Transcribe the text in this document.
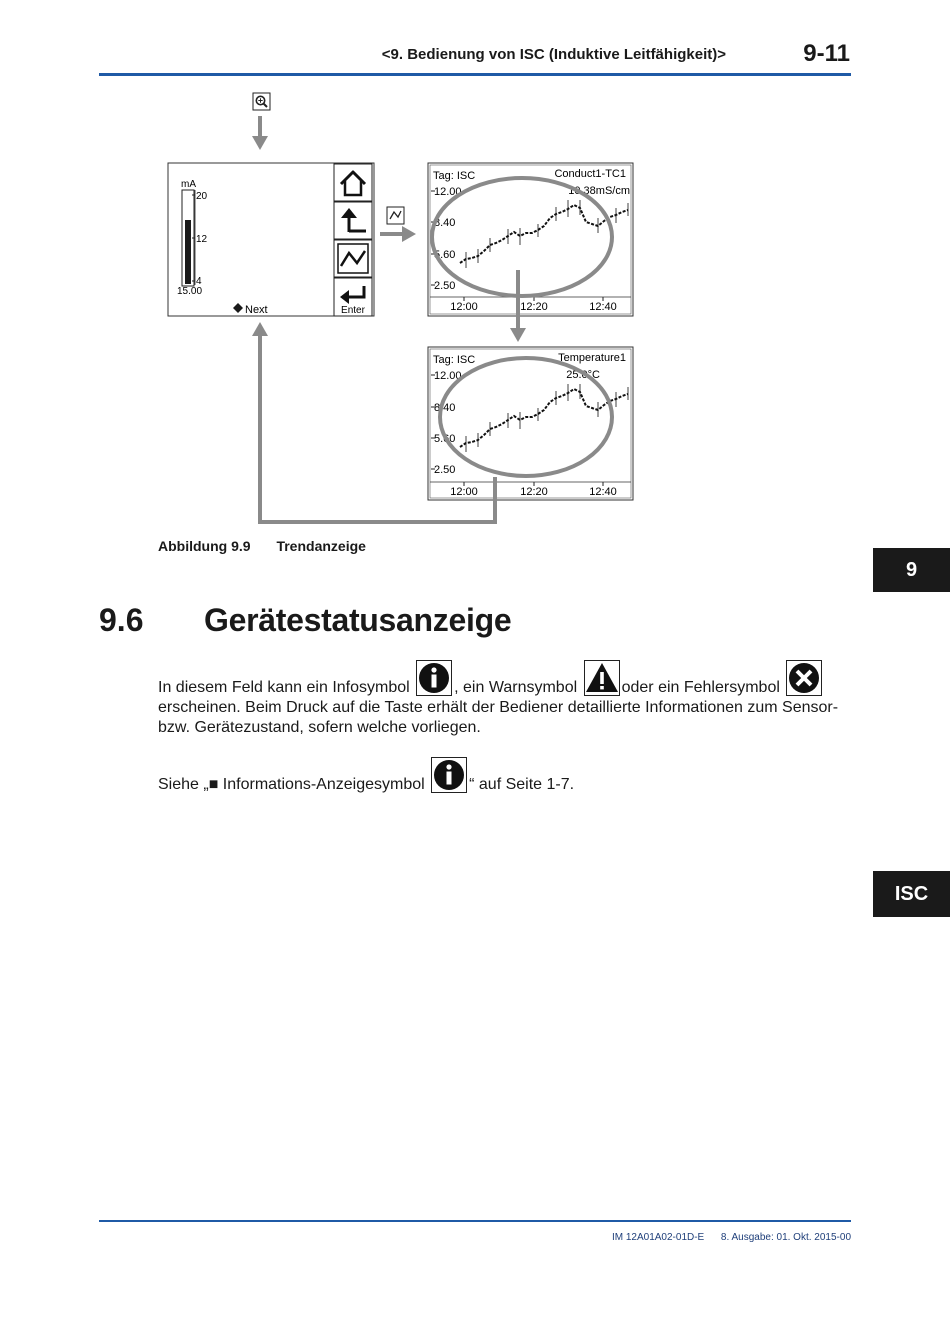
<9. Bedienung von ISC (Induktive Leitfähigkeit)>	9-11
9
ISC
mA
20
12
4
15.00
Next	Enter
Tag: ISC	Conduct1-TC1
10.38mS/cm
12.00
8.40
5.60
2.50
12:00	12:20	12:40
Tag: ISC	Temperature1
25.0°C
12.00
8.40
5.60
2.50
12:00	12:20	12:40
Abbildung 9.9 Trendanzeige
9.6 Gerätestatusanzeige
In diesem Feld kann ein Infosymbol	, ein Warnsymbol	oder ein Fehlersymbol  erscheinen. Beim Druck auf die Taste erhält der Bediener detaillierte Informationen zum Sensor- bzw. Gerätezustand, sofern welche vorliegen.
Siehe „■ Informations-Anzeigesymbol	“ auf Seite 1-7.
IM 12A01A02-01D-E 8. Ausgabe: 01. Okt. 2015-00
